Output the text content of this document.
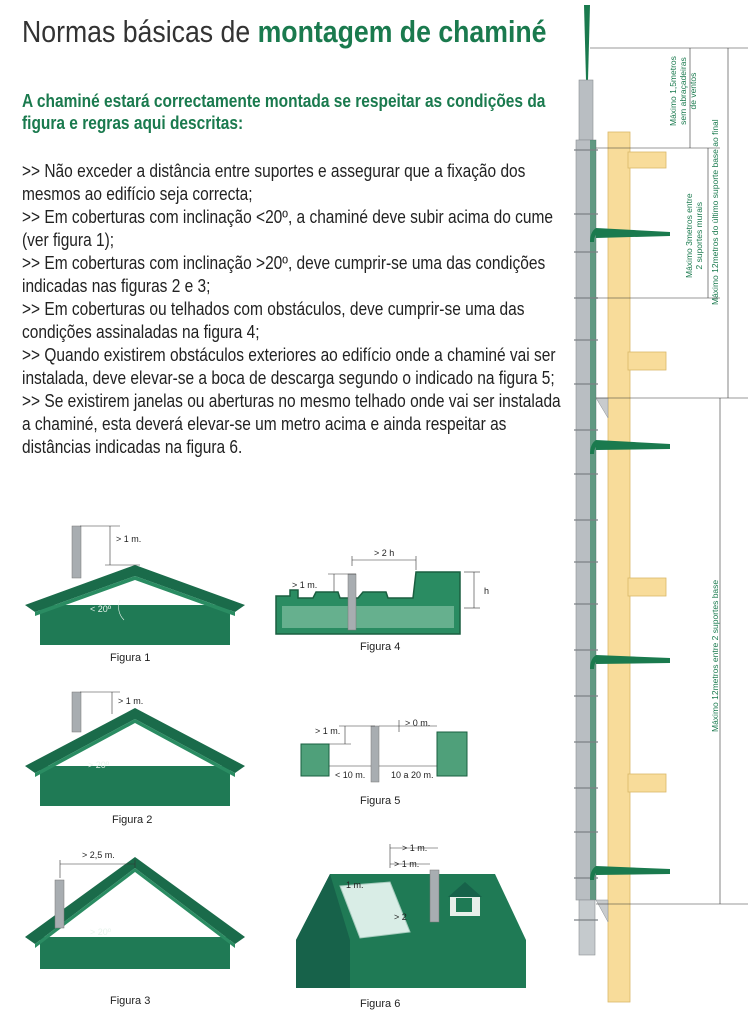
Normas básicas de montagem de chaminé
A chaminé estará correctamente montada se respeitar as condições da figura e regras aqui descritas:

>> Não exceder a distância entre suportes e assegurar que a fixação dos mesmos ao edifício seja correcta;

>> Em coberturas com inclinação <20º, a chaminé deve subir acima do cume (ver figura 1);

>> Em coberturas com inclinação >20º, deve cumprir-se uma das condições indicadas nas figuras 2 e 3;

>> Em coberturas ou telhados com obstáculos, deve cumprir-se uma das condições assinaladas na figura 4;

>> Quando existirem obstáculos exteriores ao edifício onde a chaminé vai ser instalada, deve elevar-se a boca de descarga segundo o indicado na figura 5;

>> Se existirem janelas ou aberturas no mesmo telhado onde vai ser instalada a chaminé, esta deverá elevar-se um metro acima e ainda respeitar as distâncias indicadas na figura 6.

> 1 m.
< 20º
Figura 1
> 1 m.
> 20º
Figura 2
> 2,5 m.
> 20º
Figura 3
> 1 m.
> 2 h
h
Figura 4
> 1 m.
> 0 m.
< 10 m.	10 a 20 m.
Figura 5
> 1 m.
> 1 m.
1 m.
> 2
Figura 6
Máximo 1,5metros sem abraçadeiras de ventos
Máximo 3metros entre 2 suportes murais Máximo 12metros do último suporte base ao final
Máximo 12metros entre 2 suportes base
